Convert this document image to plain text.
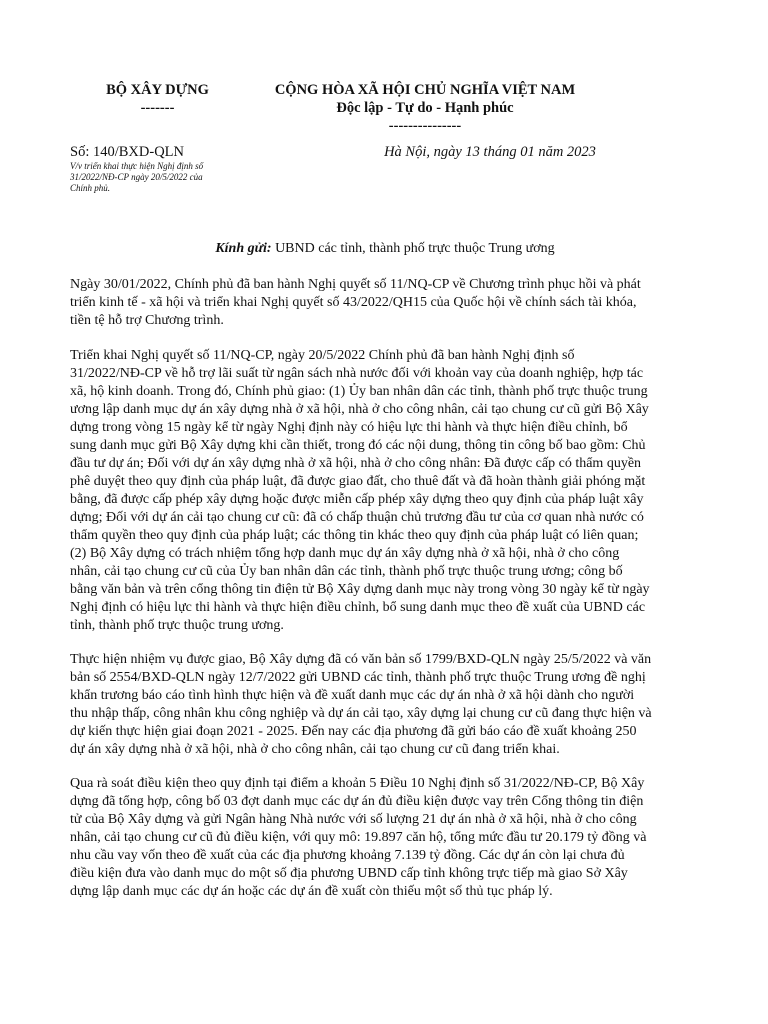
BỘ XÂY DỰNG
-------
CỘNG HÒA XÃ HỘI CHỦ NGHĨA VIỆT NAM
Độc lập - Tự do - Hạnh phúc
---------------
Số: 140/BXD-QLN
V/v triển khai thực hiện Nghị định số
31/2022/NĐ-CP ngày 20/5/2022 của
Chính phủ.
Hà Nội, ngày 13 tháng 01 năm 2023
Kính gửi: UBND các tỉnh, thành phố trực thuộc Trung ương
Ngày 30/01/2022, Chính phủ đã ban hành Nghị quyết số 11/NQ-CP về Chương trình phục hồi và phát
triển kinh tế - xã hội và triển khai Nghị quyết số 43/2022/QH15 của Quốc hội về chính sách tài khóa,
tiền tệ hỗ trợ Chương trình.
Triển khai Nghị quyết số 11/NQ-CP, ngày 20/5/2022 Chính phủ đã ban hành Nghị định số
31/2022/NĐ-CP về hỗ trợ lãi suất từ ngân sách nhà nước đối với khoản vay của doanh nghiệp, hợp tác
xã, hộ kinh doanh. Trong đó, Chính phủ giao: (1) Ủy ban nhân dân các tỉnh, thành phố trực thuộc trung
ương lập danh mục dự án xây dựng nhà ở xã hội, nhà ở cho công nhân, cải tạo chung cư cũ gửi Bộ Xây
dựng trong vòng 15 ngày kể từ ngày Nghị định này có hiệu lực thi hành và thực hiện điều chỉnh, bổ
sung danh mục gửi Bộ Xây dựng khi cần thiết, trong đó các nội dung, thông tin công bố bao gồm: Chủ
đầu tư dự án; Đối với dự án xây dựng nhà ở xã hội, nhà ở cho công nhân: Đã được cấp có thẩm quyền
phê duyệt theo quy định của pháp luật, đã được giao đất, cho thuê đất và đã hoàn thành giải phóng mặt
bằng, đã được cấp phép xây dựng hoặc được miễn cấp phép xây dựng theo quy định của pháp luật xây
dựng; Đối với dự án cải tạo chung cư cũ: đã có chấp thuận chủ trương đầu tư của cơ quan nhà nước có
thẩm quyền theo quy định của pháp luật; các thông tin khác theo quy định của pháp luật có liên quan;
(2) Bộ Xây dựng có trách nhiệm tổng hợp danh mục dự án xây dựng nhà ở xã hội, nhà ở cho công
nhân, cải tạo chung cư cũ của Ủy ban nhân dân các tỉnh, thành phố trực thuộc trung ương; công bố
bằng văn bản và trên cổng thông tin điện tử Bộ Xây dựng danh mục này trong vòng 30 ngày kể từ ngày
Nghị định có hiệu lực thi hành và thực hiện điều chỉnh, bổ sung danh mục theo đề xuất của UBND các
tỉnh, thành phố trực thuộc trung ương.
Thực hiện nhiệm vụ được giao, Bộ Xây dựng đã có văn bản số 1799/BXD-QLN ngày 25/5/2022 và văn
bản số 2554/BXD-QLN ngày 12/7/2022 gửi UBND các tỉnh, thành phố trực thuộc Trung ương đề nghị
khẩn trương báo cáo tình hình thực hiện và đề xuất danh mục các dự án nhà ở xã hội dành cho người
thu nhập thấp, công nhân khu công nghiệp và dự án cải tạo, xây dựng lại chung cư cũ đang thực hiện và
dự kiến thực hiện giai đoạn 2021 - 2025. Đến nay các địa phương đã gửi báo cáo đề xuất khoảng 250
dự án xây dựng nhà ở xã hội, nhà ở cho công nhân, cải tạo chung cư cũ đang triển khai.
Qua rà soát điều kiện theo quy định tại điểm a khoản 5 Điều 10 Nghị định số 31/2022/NĐ-CP, Bộ Xây
dựng đã tổng hợp, công bố 03 đợt danh mục các dự án đủ điều kiện được vay trên Cổng thông tin điện
tử của Bộ Xây dựng và gửi Ngân hàng Nhà nước với số lượng 21 dự án nhà ở xã hội, nhà ở cho công
nhân, cải tạo chung cư cũ đủ điều kiện, với quy mô: 19.897 căn hộ, tổng mức đầu tư 20.179 tỷ đồng và
nhu cầu vay vốn theo đề xuất của các địa phương khoảng 7.139 tỷ đồng. Các dự án còn lại chưa đủ
điều kiện đưa vào danh mục do một số địa phương UBND cấp tỉnh không trực tiếp mà giao Sở Xây
dựng lập danh mục các dự án hoặc các dự án đề xuất còn thiếu một số thủ tục pháp lý.
